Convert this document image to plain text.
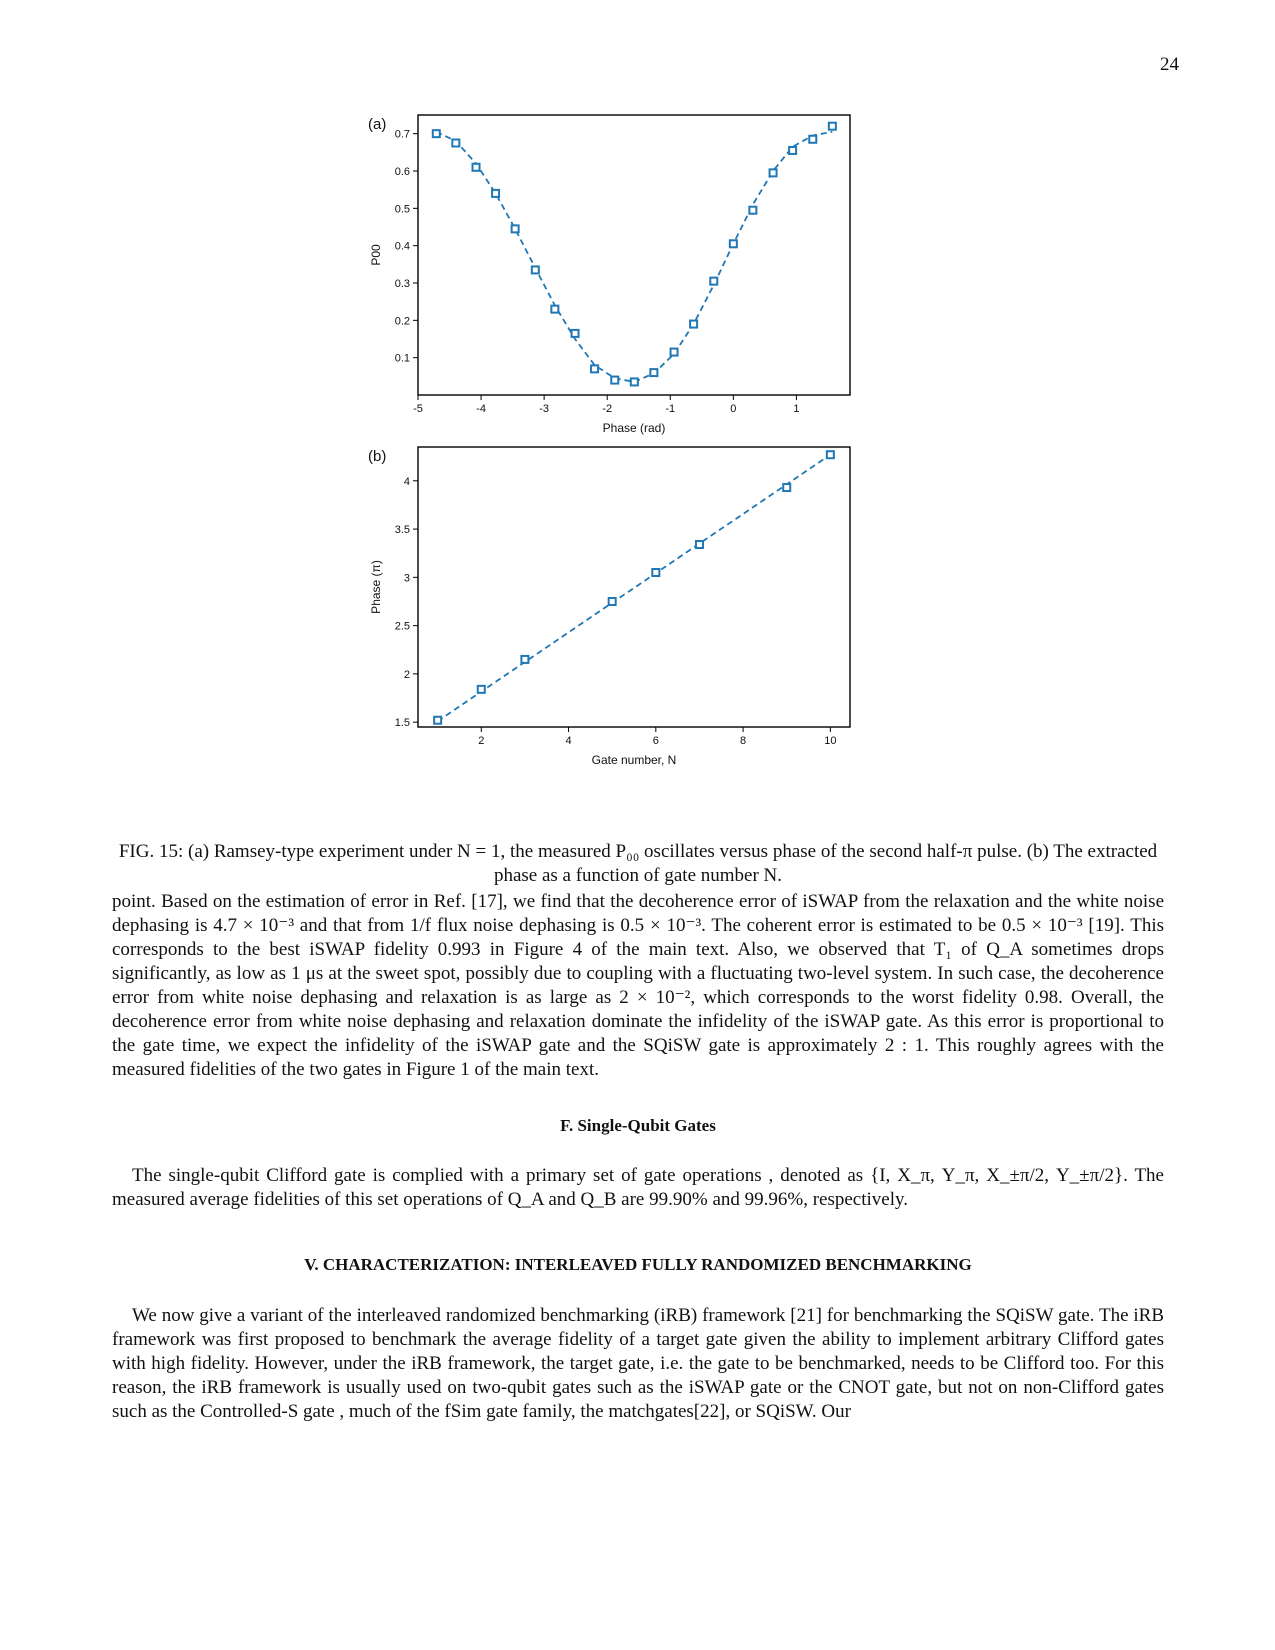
24
(a)
-5	-4	-3	-2	-1	0	1
0.1
0.2
0.3
0.4
0.5
0.6
0.7
Phase (rad)
P00
(b)
2	4	6	8	10
1.5
2
2.5
3
3.5
4
Gate number, N
Phase (π)
FIG. 15: (a) Ramsey-type experiment under N = 1, the measured P₀₀ oscillates versus phase of the second half-π pulse. (b) The extracted phase as a function of gate number N.
point. Based on the estimation of error in Ref. [17], we find that the decoherence error of iSWAP from the relaxation and the white noise dephasing is 4.7 × 10⁻³ and that from 1/f flux noise dephasing is 0.5 × 10⁻³. The coherent error is estimated to be 0.5 × 10⁻³ [19]. This corresponds to the best iSWAP fidelity 0.993 in Figure 4 of the main text. Also, we observed that T₁ of Q_A sometimes drops significantly, as low as 1 μs at the sweet spot, possibly due to coupling with a fluctuating two-level system. In such case, the decoherence error from white noise dephasing and relaxation is as large as 2 × 10⁻², which corresponds to the worst fidelity 0.98. Overall, the decoherence error from white noise dephasing and relaxation dominate the infidelity of the iSWAP gate. As this error is proportional to the gate time, we expect the infidelity of the iSWAP gate and the SQiSW gate is approximately 2 : 1. This roughly agrees with the measured fidelities of the two gates in Figure 1 of the main text.
F. Single-Qubit Gates
The single-qubit Clifford gate is complied with a primary set of gate operations , denoted as {I, X_π, Y_π, X_±π/2, Y_±π/2}. The measured average fidelities of this set operations of Q_A and Q_B are 99.90% and 99.96%, respectively.
V. CHARACTERIZATION: INTERLEAVED FULLY RANDOMIZED BENCHMARKING
We now give a variant of the interleaved randomized benchmarking (iRB) framework [21] for benchmarking the SQiSW gate. The iRB framework was first proposed to benchmark the average fidelity of a target gate given the ability to implement arbitrary Clifford gates with high fidelity. However, under the iRB framework, the target gate, i.e. the gate to be benchmarked, needs to be Clifford too. For this reason, the iRB framework is usually used on two-qubit gates such as the iSWAP gate or the CNOT gate, but not on non-Clifford gates such as the Controlled-S gate , much of the fSim gate family, the matchgates[22], or SQiSW. Our
